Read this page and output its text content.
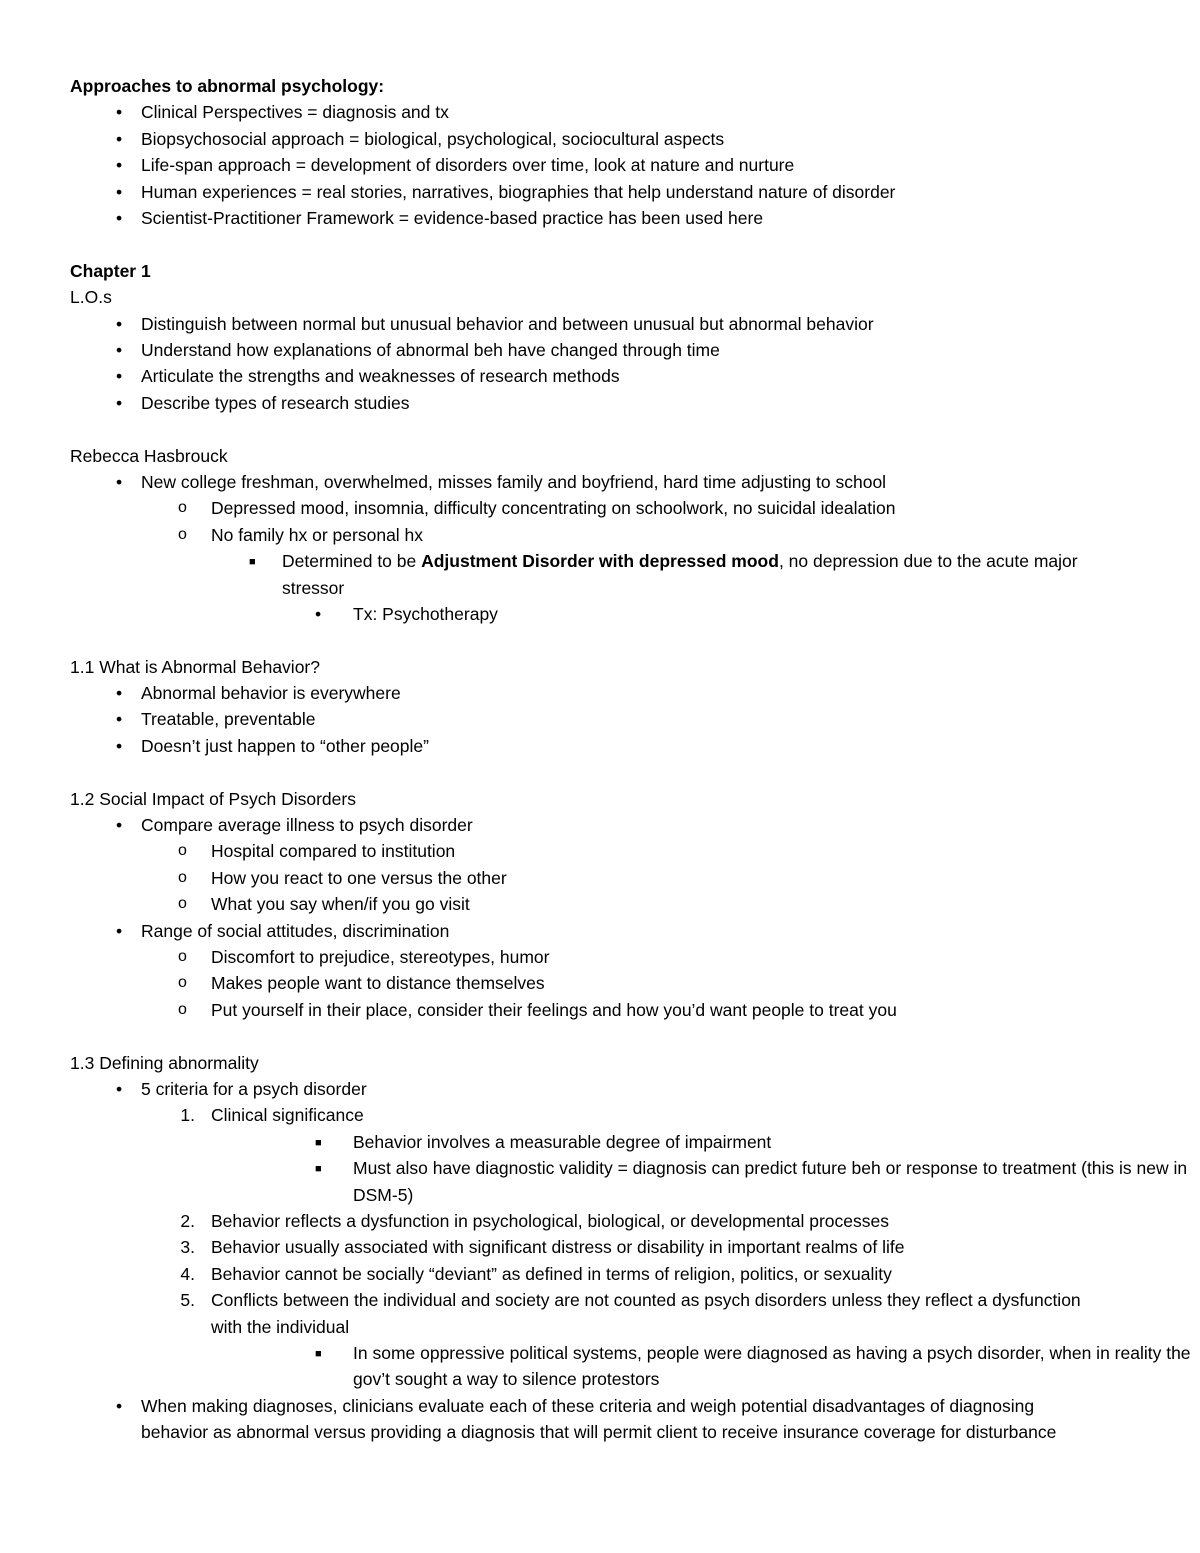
Approaches to abnormal psychology:
• Clinical Perspectives = diagnosis and tx
• Biopsychosocial approach = biological, psychological, sociocultural aspects
• Life-span approach = development of disorders over time, look at nature and nurture
• Human experiences = real stories, narratives, biographies that help understand nature of disorder
• Scientist-Practitioner Framework = evidence-based practice has been used here
Chapter 1
L.O.s
• Distinguish between normal but unusual behavior and between unusual but abnormal behavior
• Understand how explanations of abnormal beh have changed through time
• Articulate the strengths and weaknesses of research methods
• Describe types of research studies
Rebecca Hasbrouck
• New college freshman, overwhelmed, misses family and boyfriend, hard time adjusting to school
o Depressed mood, insomnia, difficulty concentrating on schoolwork, no suicidal idealation
o No family hx or personal hx
■ Determined to be Adjustment Disorder with depressed mood, no depression due to the acute major stressor
• Tx: Psychotherapy
1.1 What is Abnormal Behavior?
• Abnormal behavior is everywhere
• Treatable, preventable
• Doesn’t just happen to “other people”
1.2 Social Impact of Psych Disorders
• Compare average illness to psych disorder
o Hospital compared to institution
o How you react to one versus the other
o What you say when/if you go visit
• Range of social attitudes, discrimination
o Discomfort to prejudice, stereotypes, humor
o Makes people want to distance themselves
o Put yourself in their place, consider their feelings and how you’d want people to treat you
1.3 Defining abnormality
• 5 criteria for a psych disorder
1. Clinical significance
■ Behavior involves a measurable degree of impairment
■ Must also have diagnostic validity = diagnosis can predict future beh or response to treatment (this is new in DSM-5)
2. Behavior reflects a dysfunction in psychological, biological, or developmental processes
3. Behavior usually associated with significant distress or disability in important realms of life
4. Behavior cannot be socially “deviant” as defined in terms of religion, politics, or sexuality
5. Conflicts between the individual and society are not counted as psych disorders unless they reflect a dysfunction with the individual
■ In some oppressive political systems, people were diagnosed as having a psych disorder, when in reality the gov’t sought a way to silence protestors
• When making diagnoses, clinicians evaluate each of these criteria and weigh potential disadvantages of diagnosing behavior as abnormal versus providing a diagnosis that will permit client to receive insurance coverage for disturbance
